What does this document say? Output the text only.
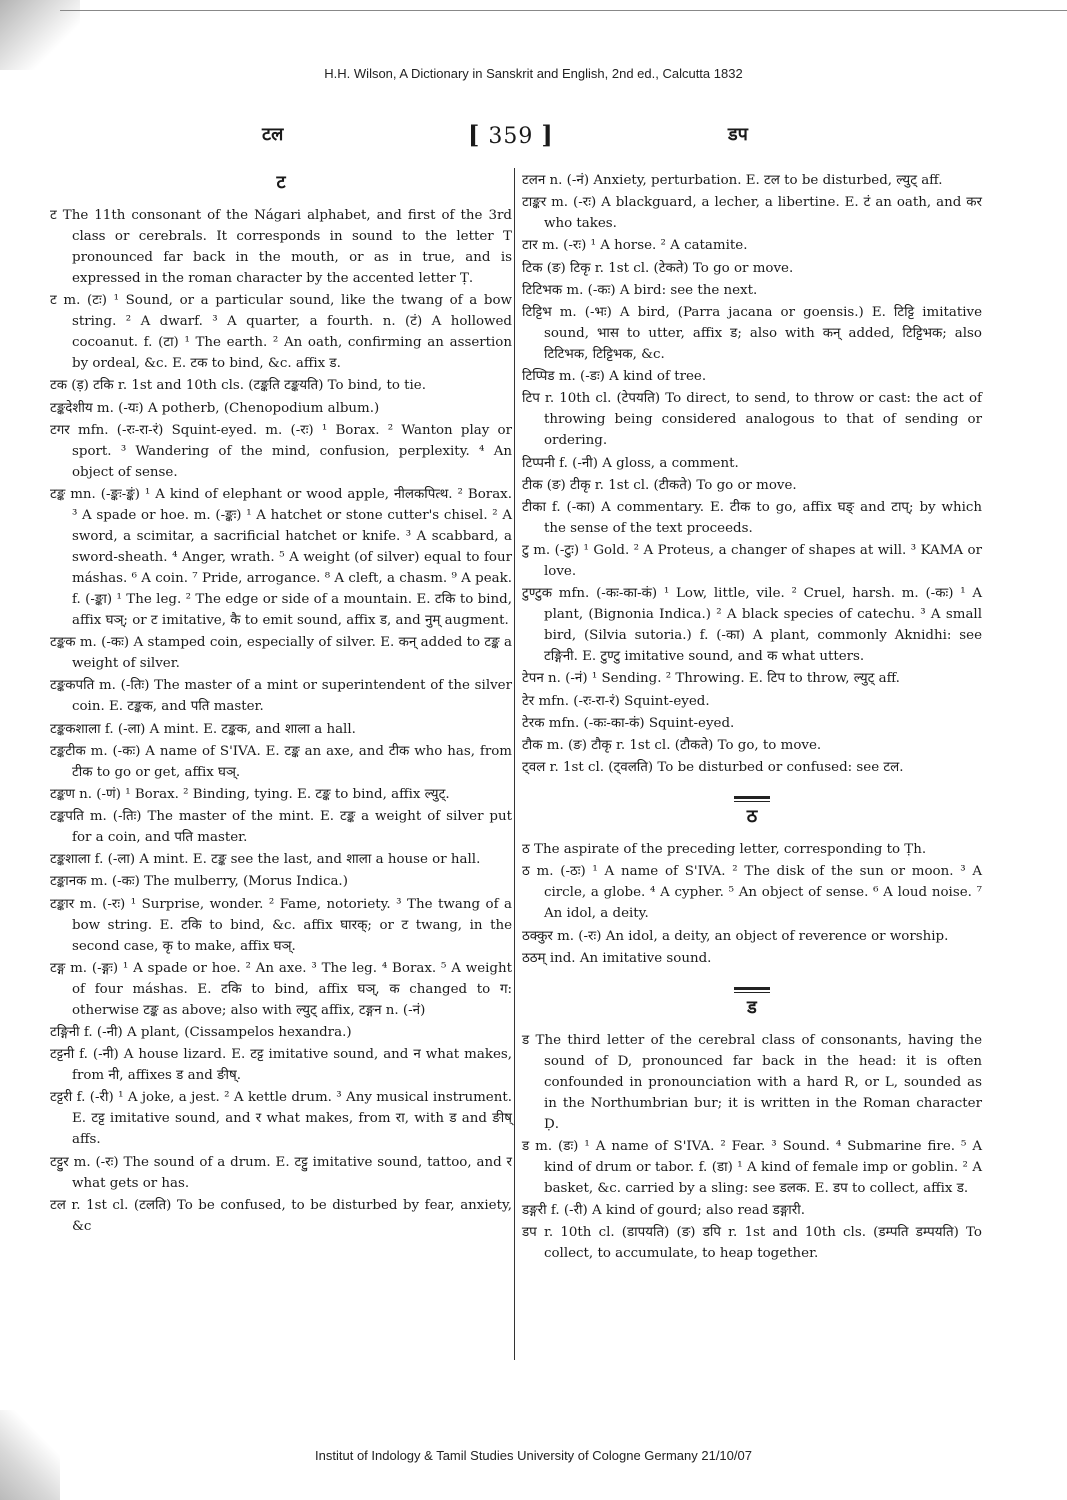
H.H. Wilson, A Dictionary in Sanskrit and English, 2nd ed., Calcutta 1832
टल	[ 359 ]	डप
ट

ट The 11th consonant of the Nágari alphabet, and first of the 3rd class or cerebrals. It corresponds in sound to the letter T pronounced far back in the mouth, or as in true, and is expressed in the roman character by the accented letter Ṭ.

ट m. (टः) ¹ Sound, or a particular sound, like the twang of a bow string. ² A dwarf. ³ A quarter, a fourth. n. (टं) A hollowed cocoanut. f. (टा) ¹ The earth. ² An oath, confirming an assertion by ordeal, &c. E. टक to bind, &c. affix ड.

टक (ड़) टकि r. 1st and 10th cls. (टङ्कति टङ्कयति) To bind, to tie.

टङ्कदेशीय m. (-यः) A potherb, (Chenopodium album.)

टगर mfn. (-रः-रा-रं) Squint-eyed. m. (-रः) ¹ Borax. ² Wanton play or sport. ³ Wandering of the mind, confusion, perplexity. ⁴ An object of sense.

टङ्क mn. (-ङ्कः-ङ्कं) ¹ A kind of elephant or wood apple, नीलकपित्थ. ² Borax. ³ A spade or hoe. m. (-ङ्कः) ¹ A hatchet or stone cutter's chisel. ² A sword, a scimitar, a sacrificial hatchet or knife. ³ A scabbard, a sword-sheath. ⁴ Anger, wrath. ⁵ A weight (of silver) equal to four máshas. ⁶ A coin. ⁷ Pride, arrogance. ⁸ A cleft, a chasm. ⁹ A peak. f. (-ङ्का) ¹ The leg. ² The edge or side of a mountain. E. टकि to bind, affix घञ्; or ट imitative, कै to emit sound, affix ड, and नुम् augment.

टङ्कक m. (-कः) A stamped coin, especially of silver. E. कन् added to टङ्क a weight of silver.

टङ्ककपति m. (-तिः) The master of a mint or superintendent of the silver coin. E. टङ्कक, and पति master.

टङ्ककशाला f. (-ला) A mint. E. टङ्कक, and शाला a hall.

टङ्कटीक m. (-कः) A name of S'IVA. E. टङ्क an axe, and टीक who has, from टीक to go or get, affix घञ्.

टङ्कण n. (-णं) ¹ Borax. ² Binding, tying. E. टङ्क to bind, affix ल्युट्.

टङ्कपति m. (-तिः) The master of the mint. E. टङ्क a weight of silver put for a coin, and पति master.

टङ्कशाला f. (-ला) A mint. E. टङ्क see the last, and शाला a house or hall.

टङ्कानक m. (-कः) The mulberry, (Morus Indica.)

टङ्कार m. (-रः) ¹ Surprise, wonder. ² Fame, notoriety. ³ The twang of a bow string. E. टकि to bind, &c. affix घारक्; or ट twang, in the second case, कृ to make, affix घञ्.

टङ्ग m. (-ङ्गः) ¹ A spade or hoe. ² An axe. ³ The leg. ⁴ Borax. ⁵ A weight of four máshas. E. टकि to bind, affix घञ्, क changed to ग: otherwise टङ्क as above; also with ल्युट् affix, टङ्गन n. (-नं)

टङ्गिनी f. (-नी) A plant, (Cissampelos hexandra.)

टट्टनी f. (-नी) A house lizard. E. टट्ट imitative sound, and न what makes, from नी, affixes ड and ङीष्.

टट्टरी f. (-री) ¹ A joke, a jest. ² A kettle drum. ³ Any musical instrument. E. टट्ट imitative sound, and र what makes, from रा, with ड and ङीष् affs.

टट्टुर m. (-रः) The sound of a drum. E. टट्टु imitative sound, tattoo, and र what gets or has.

टल r. 1st cl. (टलति) To be confused, to be disturbed by fear, anxiety, &c

टलन n. (-नं) Anxiety, perturbation. E. टल to be disturbed, ल्युट् aff.

टाङ्कर m. (-रः) A blackguard, a lecher, a libertine. E. टं an oath, and कर who takes.

टार m. (-रः) ¹ A horse. ² A catamite.

टिक (ङ) टिकृ r. 1st cl. (टेकते) To go or move.

टिटिभक m. (-कः) A bird: see the next.

टिट्टिभ m. (-भः) A bird, (Parra jacana or goensis.) E. टिट्टि imitative sound, भास to utter, affix ड; also with कन् added, टिट्टिभक; also टिटिभक, टिट्टिभक, &c.

टिप्पिड m. (-डः) A kind of tree.

टिप r. 10th cl. (टेपयति) To direct, to send, to throw or cast: the act of throwing being considered analogous to that of sending or ordering.

टिप्पनी f. (-नी) A gloss, a comment.

टीक (ङ) टीकृ r. 1st cl. (टीकते) To go or move.

टीका f. (-का) A commentary. E. टीक to go, affix घङ् and टाप्; by which the sense of the text proceeds.

टु m. (-टुः) ¹ Gold. ² A Proteus, a changer of shapes at will. ³ KAMA or love.

टुण्टुक mfn. (-कः-का-कं) ¹ Low, little, vile. ² Cruel, harsh. m. (-कः) ¹ A plant, (Bignonia Indica.) ² A black species of catechu. ³ A small bird, (Silvia sutoria.) f. (-का) A plant, commonly Aknidhi: see टङ्गिनी. E. टुण्टु imitative sound, and क what utters.

टेपन n. (-नं) ¹ Sending. ² Throwing. E. टिप to throw, ल्युट् aff.

टेर mfn. (-रः-रा-रं) Squint-eyed.

टेरक mfn. (-कः-का-कं) Squint-eyed.

टौक m. (ङ) टौकृ r. 1st cl. (टौकते) To go, to move.

ट्वल r. 1st cl. (ट्वलति) To be disturbed or confused: see टल.

ठ

ठ The aspirate of the preceding letter, corresponding to Ṭh.

ठ m. (-ठः) ¹ A name of S'IVA. ² The disk of the sun or moon. ³ A circle, a globe. ⁴ A cypher. ⁵ An object of sense. ⁶ A loud noise. ⁷ An idol, a deity.

ठक्कुर m. (-रः) An idol, a deity, an object of reverence or worship.

ठठम् ind. An imitative sound.

ड

ड The third letter of the cerebral class of consonants, having the sound of D, pronounced far back in the head: it is often confounded in pronounciation with a hard R, or L, sounded as in the Northumbrian bur; it is written in the Roman character Ḍ.

ड m. (डः) ¹ A name of S'IVA. ² Fear. ³ Sound. ⁴ Submarine fire. ⁵ A kind of drum or tabor. f. (डा) ¹ A kind of female imp or goblin. ² A basket, &c. carried by a sling: see डलक. E. डप to collect, affix ड.

डङ्गरी f. (-री) A kind of gourd; also read डङ्गारी.

डप r. 10th cl. (डापयति) (ङ) डपि r. 1st and 10th cls. (डम्पति डम्पयति) To collect, to accumulate, to heap together.

Institut of Indology & Tamil Studies University of Cologne Germany 21/10/07
